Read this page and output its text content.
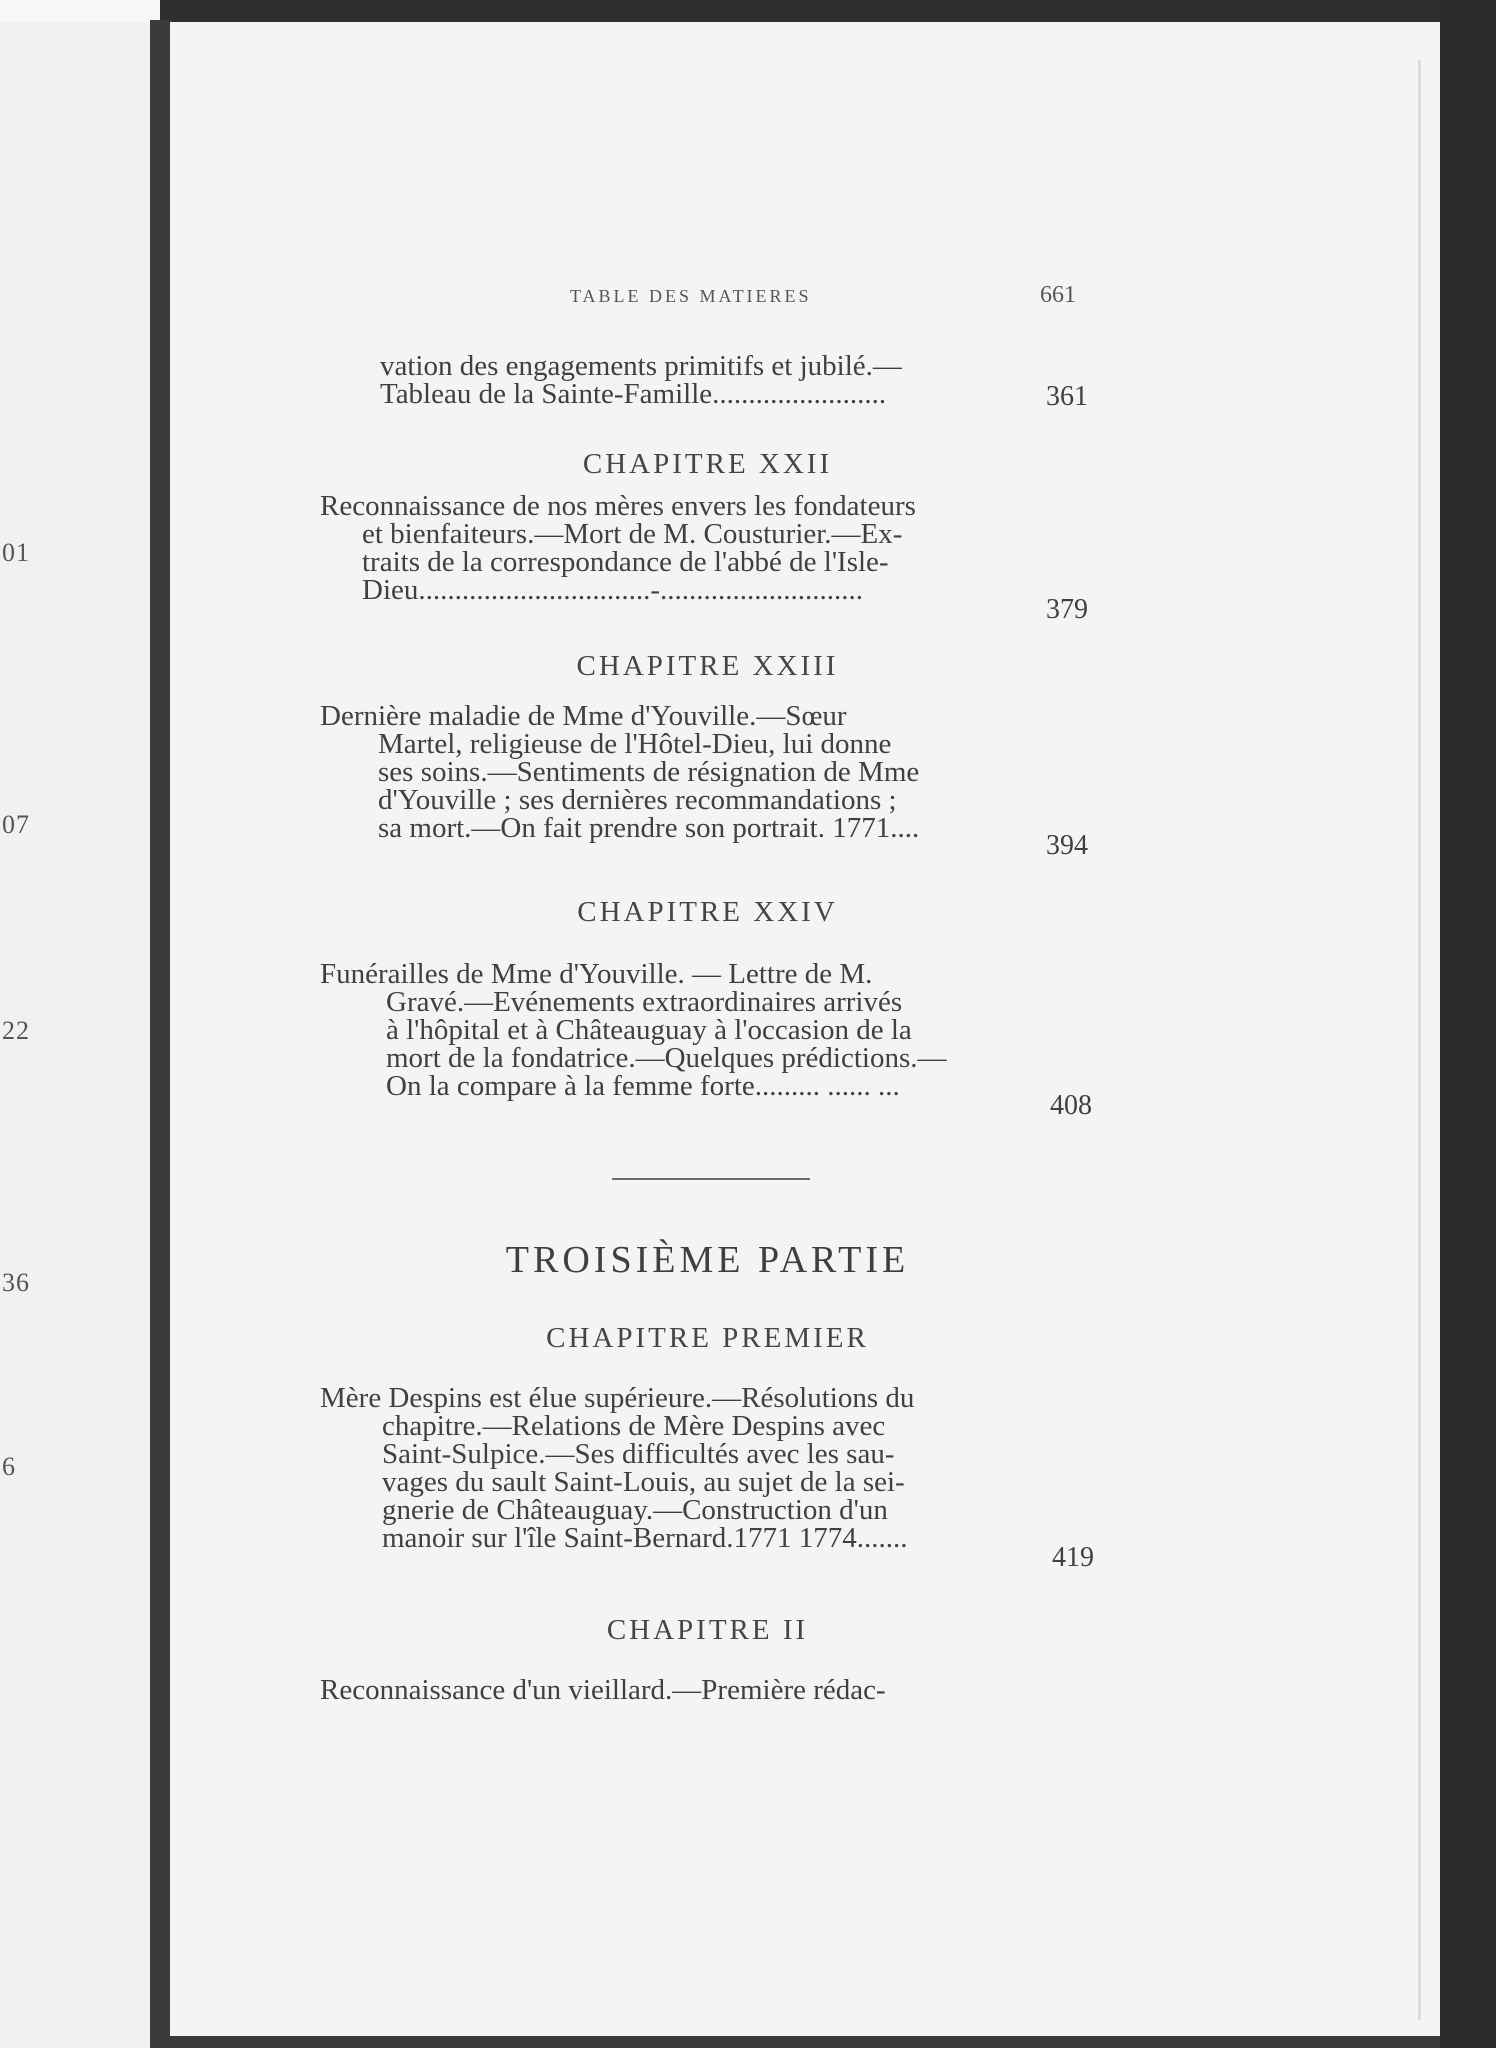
01
07
22
36
6
TABLE DES MATIERES	661
vation des engagements primitifs et jubilé.—
Tableau de la Sainte-Famille........................	361
CHAPITRE XXII
Reconnaissance de nos mères envers les fondateurs
et bienfaiteurs.—Mort de M. Cousturier.—Ex-
traits de la correspondance de l'abbé de l'Isle-
Dieu................................-............................
379
CHAPITRE XXIII
Dernière maladie de Mme d'Youville.—Sœur
Martel, religieuse de l'Hôtel-Dieu, lui donne
ses soins.—Sentiments de résignation de Mme
d'Youville ; ses dernières recommandations ;
sa mort.—On fait prendre son portrait. 1771....
394
CHAPITRE XXIV
Funérailles de Mme d'Youville. — Lettre de M.
Gravé.—Evénements extraordinaires arrivés
à l'hôpital et à Châteauguay à l'occasion de la
mort de la fondatrice.—Quelques prédictions.—
On la compare à la femme forte......... ...... ...
408
TROISIÈME PARTIE
CHAPITRE PREMIER
Mère Despins est élue supérieure.—Résolutions du
chapitre.—Relations de Mère Despins avec
Saint-Sulpice.—Ses difficultés avec les sau-
vages du sault Saint-Louis, au sujet de la sei-
gnerie de Châteauguay.—Construction d'un
manoir sur l'île Saint-Bernard.1771 1774.......
419
CHAPITRE II
Reconnaissance d'un vieillard.—Première rédac-
